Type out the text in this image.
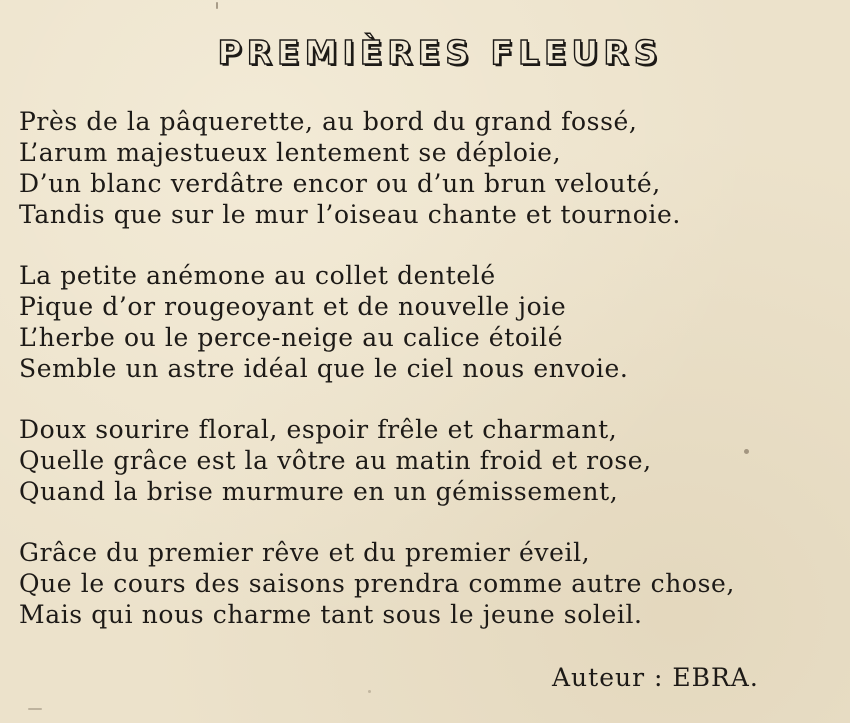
PREMIÈRES FLEURS
Près de la pâquerette, au bord du grand fossé,
L’arum majestueux lentement se déploie,
D’un blanc verdâtre encor ou d’un brun velouté,
Tandis que sur le mur l’oiseau chante et tournoie.
La petite anémone au collet dentelé
Pique d’or rougeoyant et de nouvelle joie
L’herbe ou le perce-neige au calice étoilé
Semble un astre idéal que le ciel nous envoie.
Doux sourire floral, espoir frêle et charmant,
Quelle grâce est la vôtre au matin froid et rose,
Quand la brise murmure en un gémissement,
Grâce du premier rêve et du premier éveil,
Que le cours des saisons prendra comme autre chose,
Mais qui nous charme tant sous le jeune soleil.
Auteur : EBRA.
